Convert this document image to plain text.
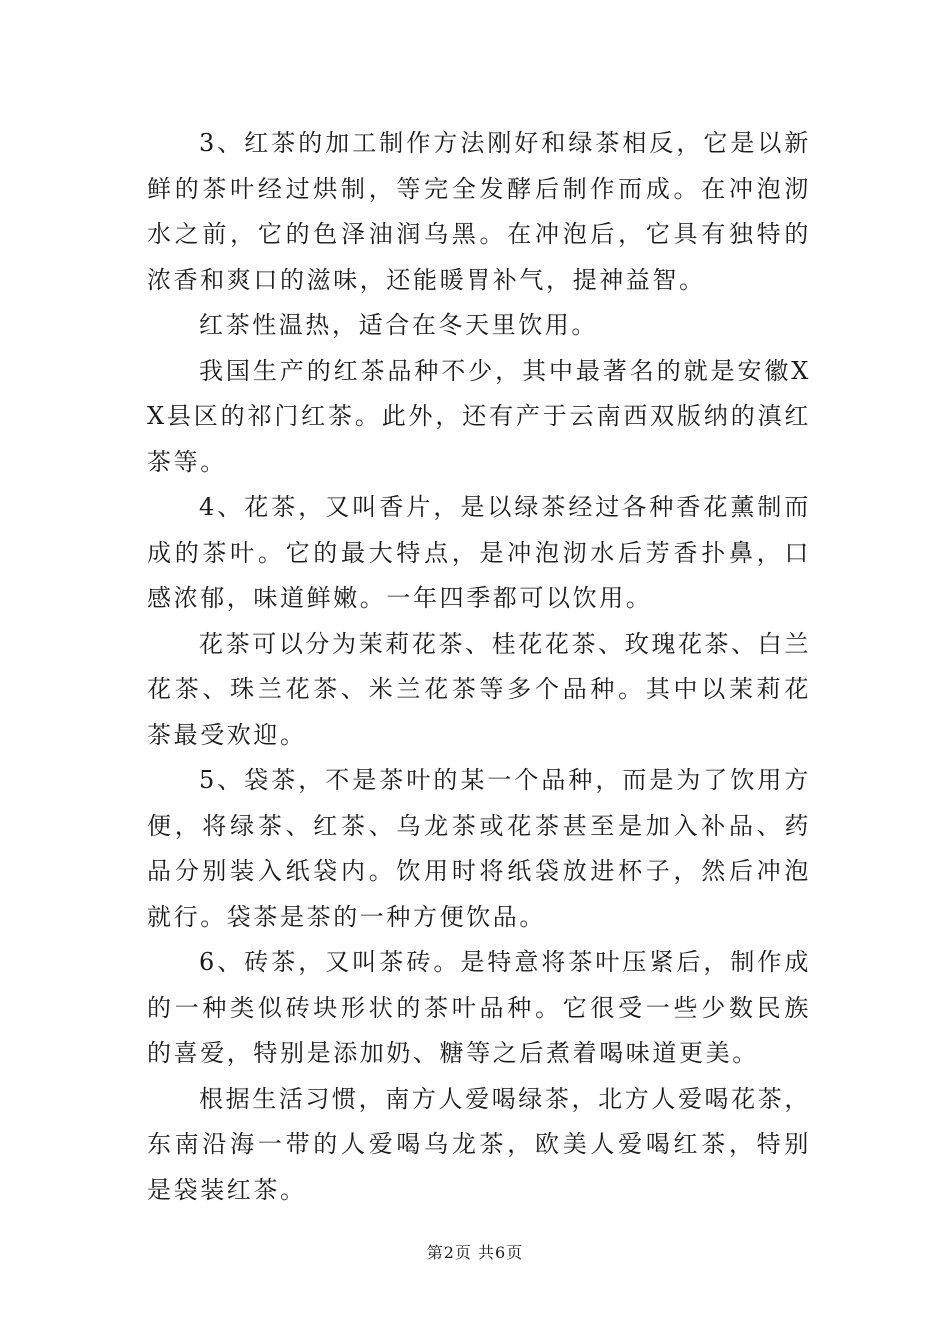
3、红茶的加工制作方法刚好和绿茶相反，它是以新鲜的茶叶经过烘制，等完全发酵后制作而成。在冲泡沏水之前，它的色泽油润乌黑。在冲泡后，它具有独特的浓香和爽口的滋味，还能暖胃补气，提神益智。

红茶性温热，适合在冬天里饮用。

我国生产的红茶品种不少，其中最著名的就是安徽XX县区的祁门红茶。此外，还有产于云南西双版纳的滇红茶等。

4、花茶，又叫香片，是以绿茶经过各种香花薰制而成的茶叶。它的最大特点，是冲泡沏水后芳香扑鼻，口感浓郁，味道鲜嫩。一年四季都可以饮用。

花茶可以分为茉莉花茶、桂花花茶、玫瑰花茶、白兰花茶、珠兰花茶、米兰花茶等多个品种。其中以茉莉花茶最受欢迎。

5、袋茶，不是茶叶的某一个品种，而是为了饮用方便，将绿茶、红茶、乌龙茶或花茶甚至是加入补品、药品分别装入纸袋内。饮用时将纸袋放进杯子，然后冲泡就行。袋茶是茶的一种方便饮品。

6、砖茶，又叫茶砖。是特意将茶叶压紧后，制作成的一种类似砖块形状的茶叶品种。它很受一些少数民族的喜爱，特别是添加奶、糖等之后煮着喝味道更美。

根据生活习惯，南方人爱喝绿茶，北方人爱喝花茶，东南沿海一带的人爱喝乌龙茶，欧美人爱喝红茶，特别是袋装红茶。

第2页 共6页
